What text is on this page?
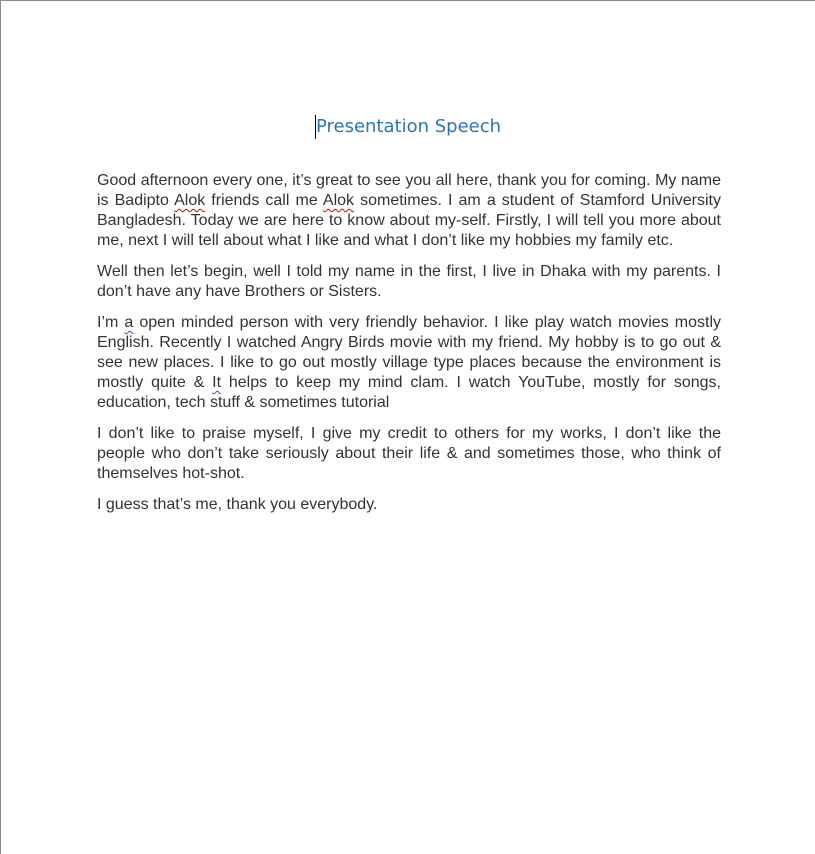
Presentation Speech

Good afternoon every one, it’s great to see you all here, thank you for coming. My name is Badipto Alok friends call me Alok sometimes. I am a student of Stamford University Bangladesh. Today we are here to know about my-self. Firstly, I will tell you more about me, next I will tell about what I like and what I don’t like my hobbies my family etc.

Well then let’s begin, well I told my name in the first, I live in Dhaka with my parents. I don’t have any have Brothers or Sisters.

I’m a open minded person with very friendly behavior. I like play watch movies mostly English. Recently I watched Angry Birds movie with my friend. My hobby is to go out & see new places. I like to go out mostly village type places because the environment is mostly quite & It helps to keep my mind clam. I watch YouTube, mostly for songs, education, tech stuff & sometimes tutorial

I don’t like to praise myself, I give my credit to others for my works, I don’t like the people who don’t take seriously about their life & and sometimes those, who think of themselves hot-shot.

I guess that’s me, thank you everybody.
